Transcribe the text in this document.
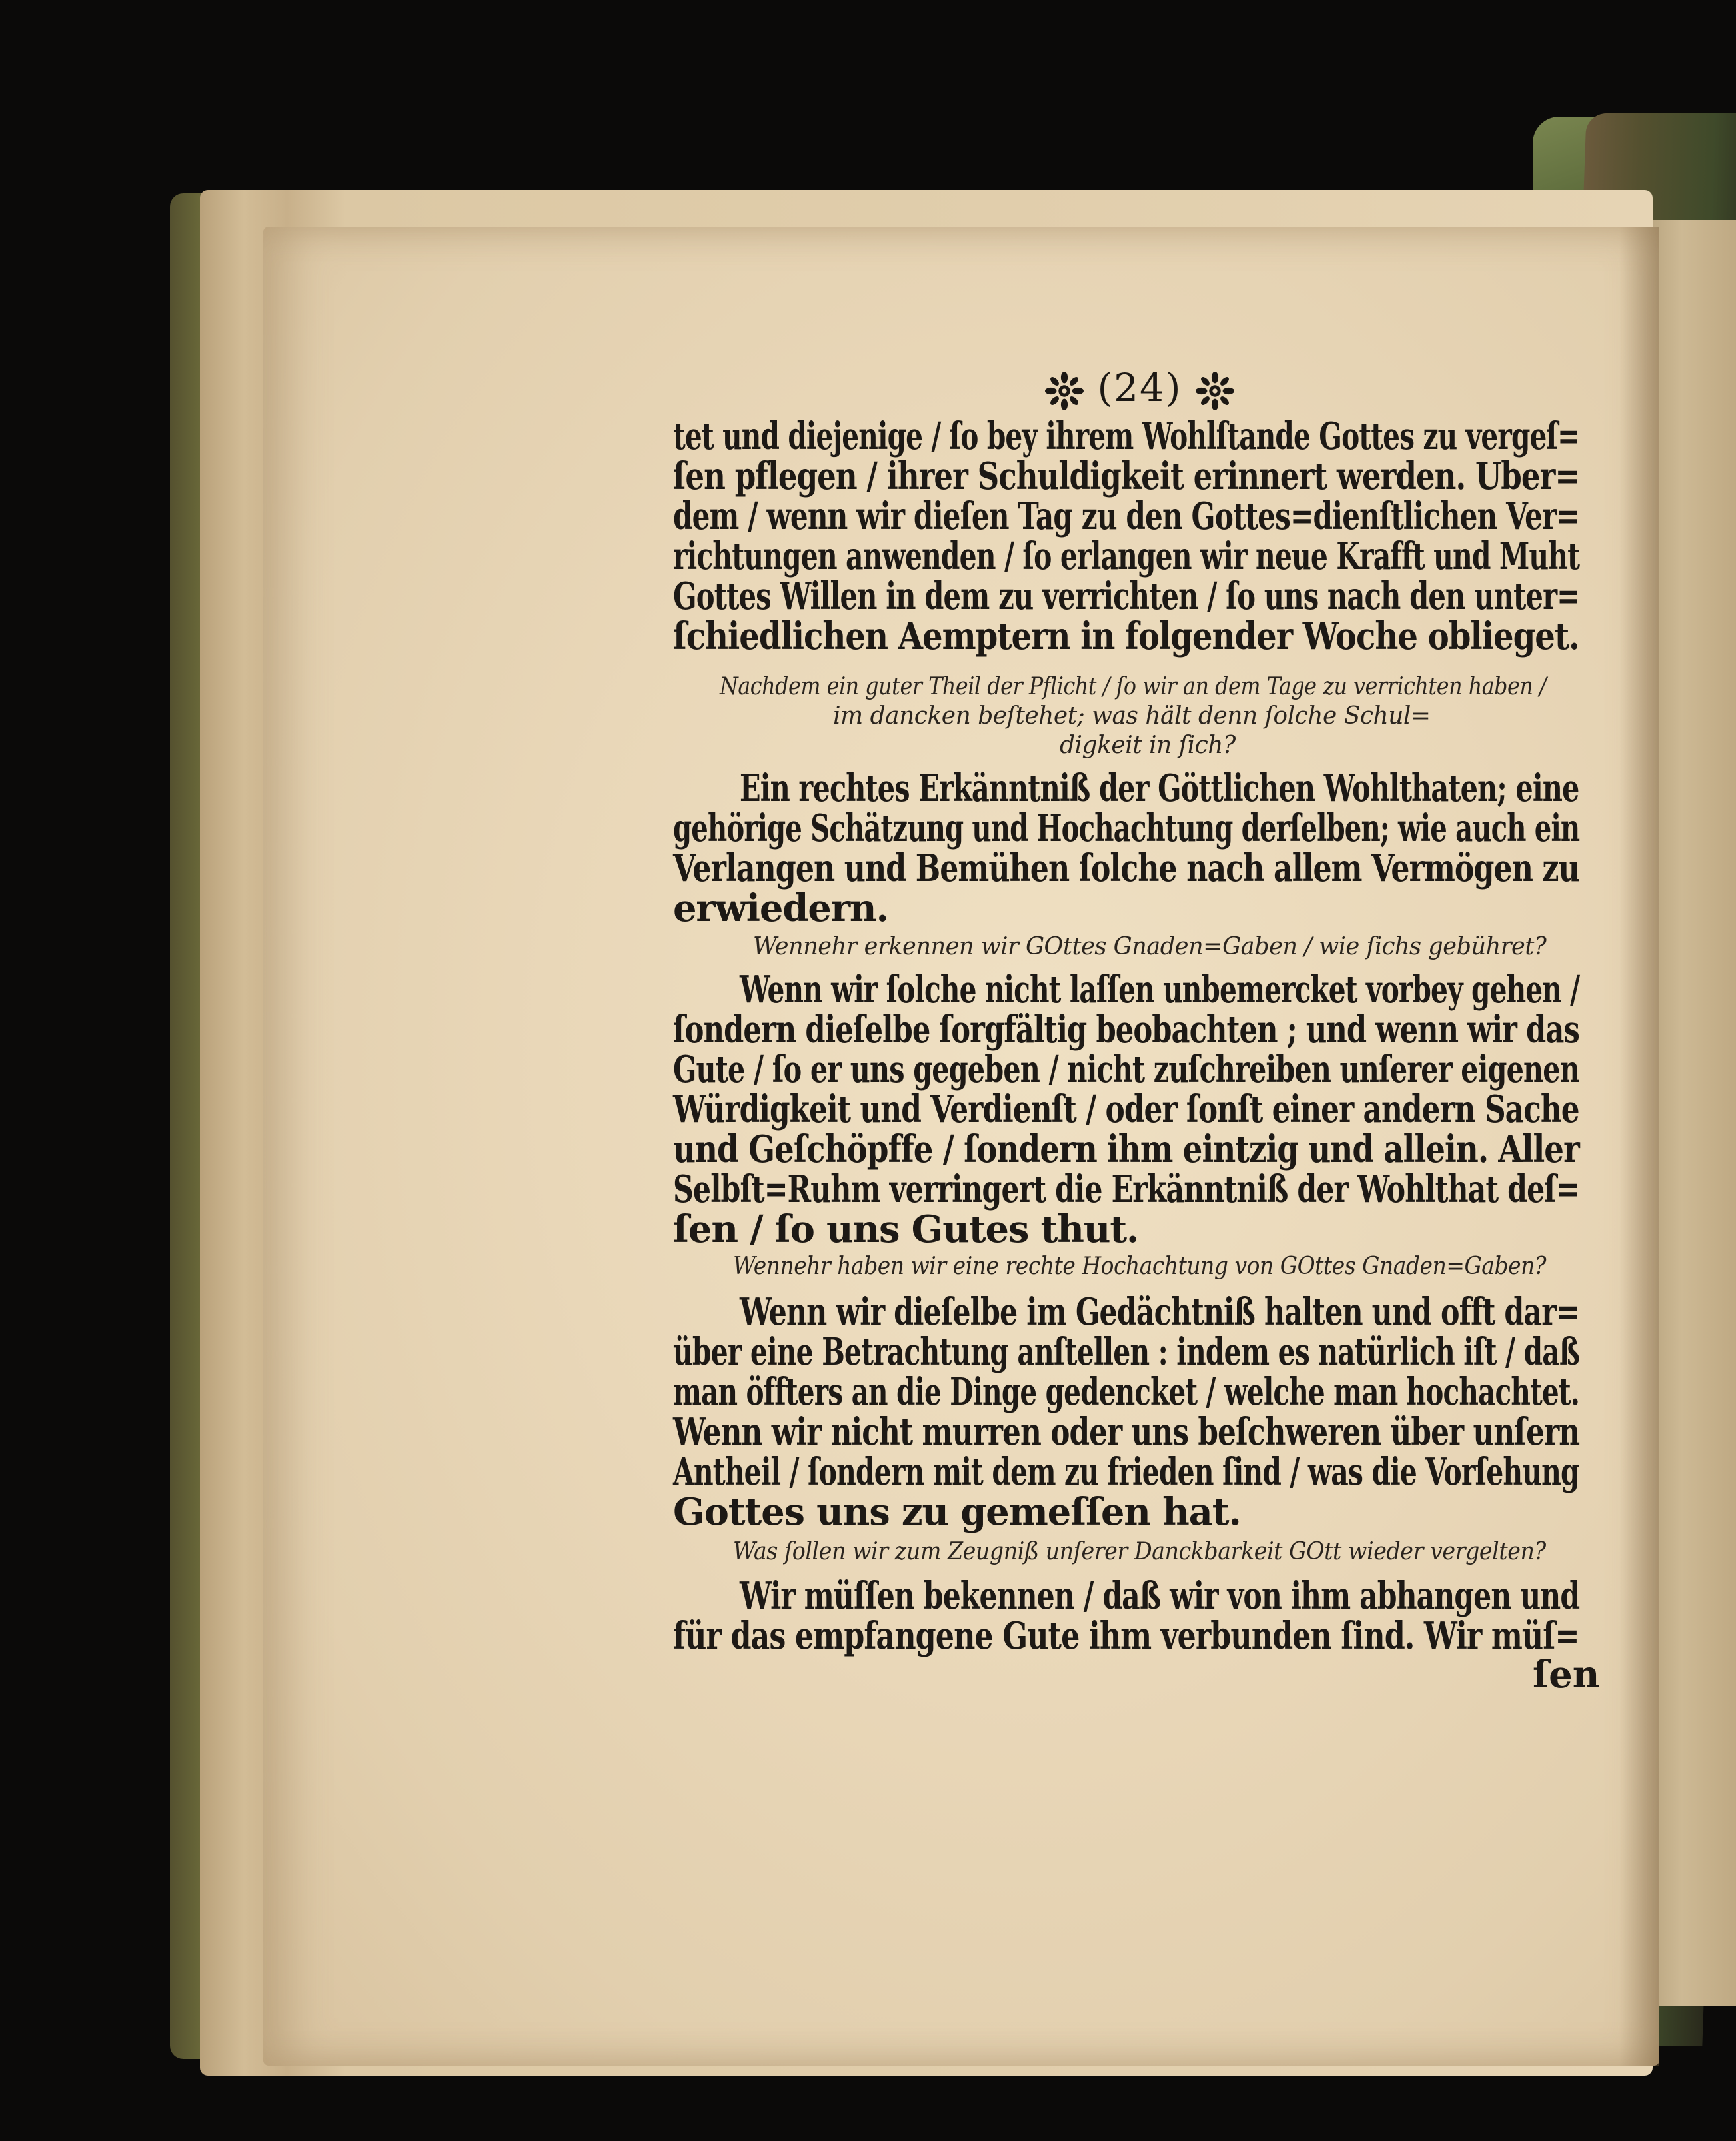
(24)
tet und diejenige / ſo bey ihrem Wohlſtande Gottes zu vergeſ=
ſen pflegen / ihrer Schuldigkeit erinnert werden. Uber=
dem / wenn wir dieſen Tag zu den Gottes=dienſtlichen Ver=
richtungen anwenden / ſo erlangen wir neue Krafft und Muht
Gottes Willen in dem zu verrichten / ſo uns nach den unter=
ſchiedlichen Aemptern in folgender Woche oblieget.
Nachdem ein guter Theil der Pflicht / ſo wir an dem Tage zu verrichten haben /
im dancken beſtehet; was hält denn ſolche Schul=
digkeit in ſich?
Ein rechtes Erkänntniß der Göttlichen Wohlthaten; eine
gehörige Schätzung und Hochachtung derſelben; wie auch ein
Verlangen und Bemühen ſolche nach allem Vermögen zu
erwiedern.
Wennehr erkennen wir GOttes Gnaden=Gaben / wie ſichs gebühret?
Wenn wir ſolche nicht laſſen unbemercket vorbey gehen /
ſondern dieſelbe ſorgfältig beobachten ; und wenn wir das
Gute / ſo er uns gegeben / nicht zuſchreiben unſerer eigenen
Würdigkeit und Verdienſt / oder ſonſt einer andern Sache
und Geſchöpffe / ſondern ihm eintzig und allein. Aller
Selbſt=Ruhm verringert die Erkänntniß der Wohlthat deſ=
ſen / ſo uns Gutes thut.
Wennehr haben wir eine rechte Hochachtung von GOttes Gnaden=Gaben?
Wenn wir dieſelbe im Gedächtniß halten und offt dar=
über eine Betrachtung anſtellen : indem es natürlich iſt / daß
man öffters an die Dinge gedencket / welche man hochachtet.
Wenn wir nicht murren oder uns beſchweren über unſern
Antheil / ſondern mit dem zu frieden ſind / was die Vorſehung
Gottes uns zu gemeſſen hat.
Was ſollen wir zum Zeugniß unſerer Danckbarkeit GOtt wieder vergelten?
Wir müſſen bekennen / daß wir von ihm abhangen und
für das empfangene Gute ihm verbunden ſind. Wir müſ=
ſen
